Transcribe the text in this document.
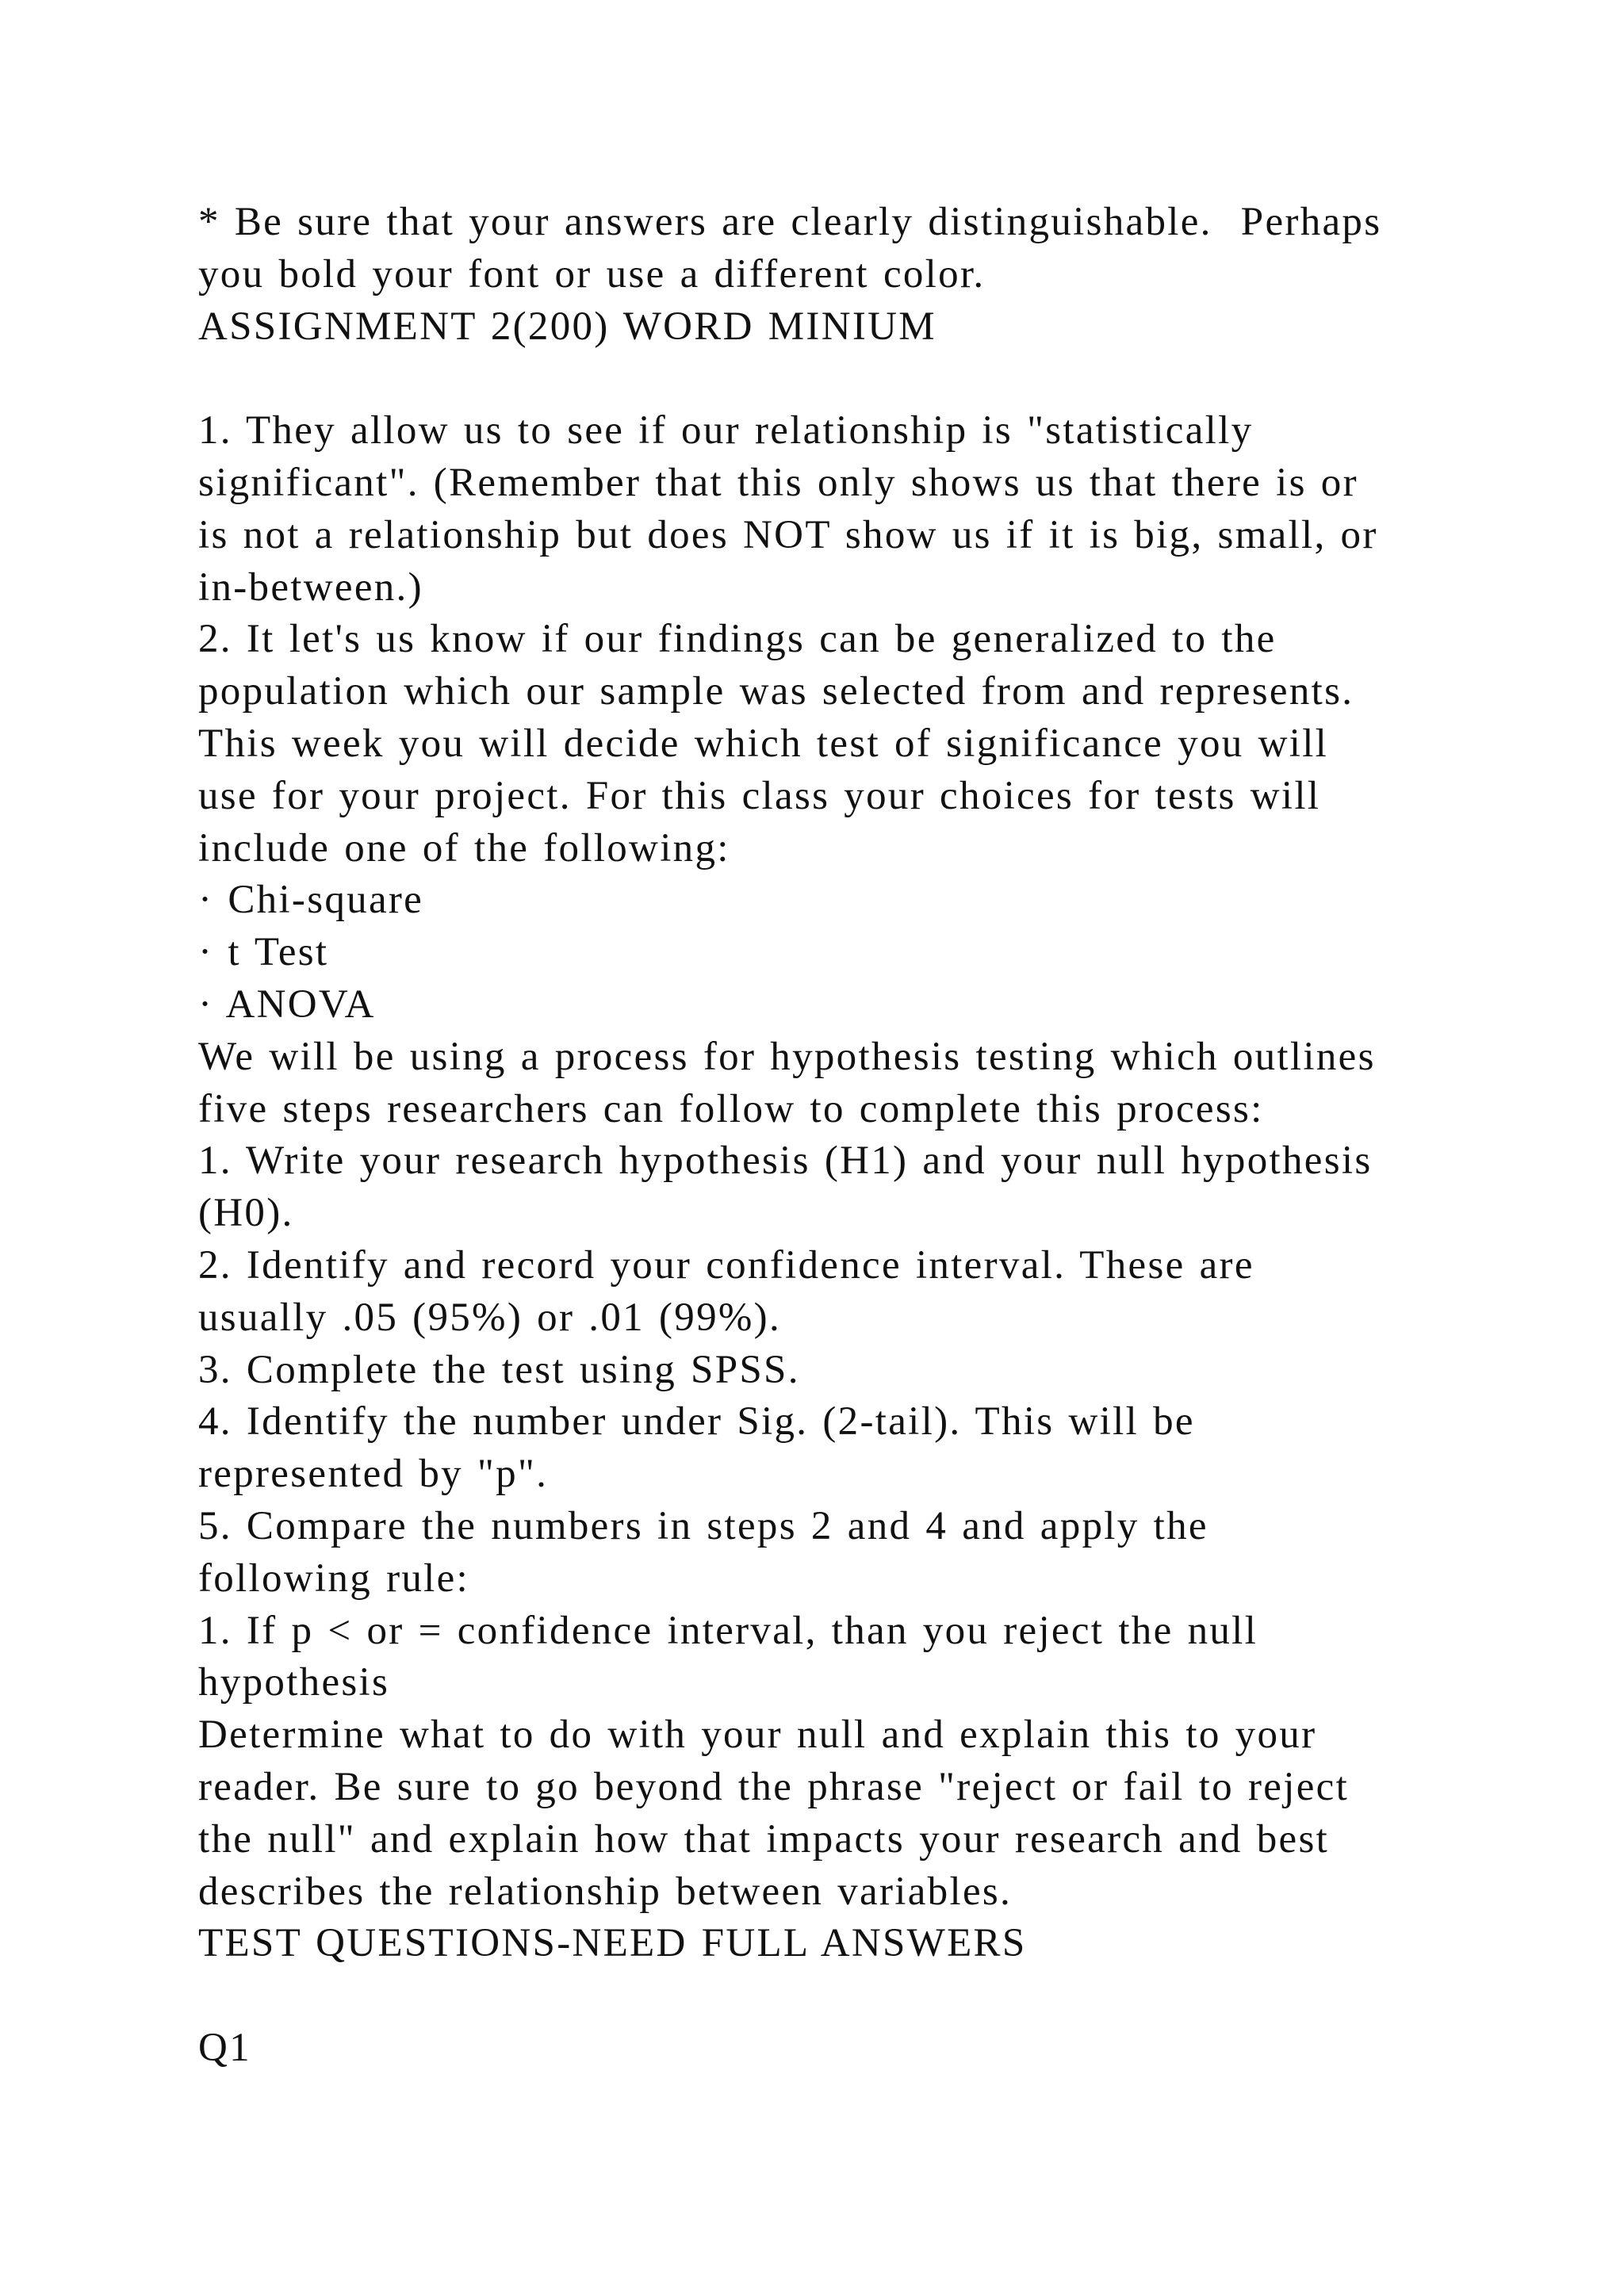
* Be sure that your answers are clearly distinguishable.  Perhaps
you bold your font or use a different color.
ASSIGNMENT 2(200) WORD MINIUM
1. They allow us to see if our relationship is "statistically
significant". (Remember that this only shows us that there is or
is not a relationship but does NOT show us if it is big, small, or
in-between.)
2. It let's us know if our findings can be generalized to the
population which our sample was selected from and represents.
This week you will decide which test of significance you will
use for your project. For this class your choices for tests will
include one of the following:
· Chi-square
· t Test
· ANOVA
We will be using a process for hypothesis testing which outlines
five steps researchers can follow to complete this process:
1. Write your research hypothesis (H1) and your null hypothesis
(H0).
2. Identify and record your confidence interval. These are
usually .05 (95%) or .01 (99%).
3. Complete the test using SPSS.
4. Identify the number under Sig. (2-tail). This will be
represented by "p".
5. Compare the numbers in steps 2 and 4 and apply the
following rule:
1. If p < or = confidence interval, than you reject the null
hypothesis
Determine what to do with your null and explain this to your
reader. Be sure to go beyond the phrase "reject or fail to reject
the null" and explain how that impacts your research and best
describes the relationship between variables.
TEST QUESTIONS-NEED FULL ANSWERS
Q1
